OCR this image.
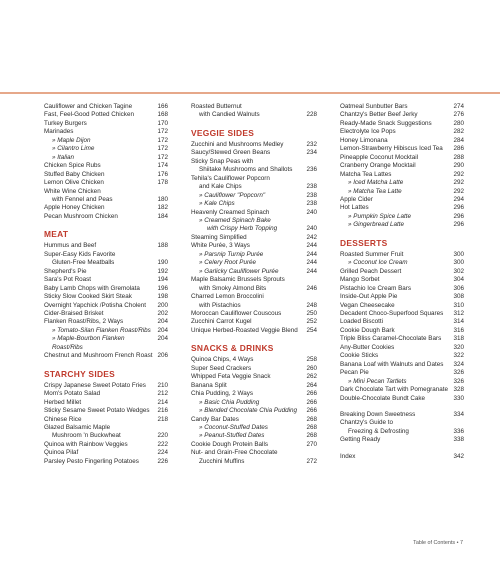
Cauliflower and Chicken Tagine	166
Fast, Feel-Good Potted Chicken	168
Turkey Burgers	170
Marinades	172
» Maple Dijon	172
» Cilantro Lime	172
» Italian	172
Chicken Spice Rubs	174
Stuffed Baby Chicken	176
Lemon Olive Chicken	178
White Wine Chicken
with Fennel and Peas	180
Apple Honey Chicken	182
Pecan Mushroom Chicken	184
MEAT
Hummus and Beef	188
Super-Easy Kids Favorite
Gluten-Free Meatballs	190
Shepherd's Pie	192
Sara's Pot Roast	194
Baby Lamb Chops with Gremolata	196
Sticky Slow Cooked Skirt Steak	198
Overnight Yapchick /Potisha Cholent	200
Cider-Braised Brisket	202
Flanken Roast/Ribs, 2 Ways	204
» Tomato-Silan Flanken Roast/Ribs	204
» Maple-Bourbon Flanken Roast/Ribs
204
Chestnut and Mushroom French Roast 206
STARCHY SIDES
Crispy Japanese Sweet Potato Fries	210
Mom's Potato Salad	212
Herbed Millet	214
Sticky Sesame Sweet Potato Wedges	216
Chinese Rice	218
Glazed Balsamic Maple
Mushroom 'n Buckwheat	220
Quinoa with Rainbow Veggies	222
Quinoa Pilaf	224
Parsley Pesto Fingerling Potatoes	226
Roasted Butternut
with Candied Walnuts	228
VEGGIE SIDES
Zucchini and Mushrooms Medley	232
Saucy/Stewed Green Beans	234
Sticky Snap Peas with
Shiitake Mushrooms and Shallots	236
Tehila's Cauliflower Popcorn
and Kale Chips	238
» Cauliflower "Popcorn"	238
» Kale Chips	238
Heavenly Creamed Spinach	240
» Creamed Spinach Bake
with Crispy Herb Topping	240
Steaming Simplified	242
White Purée, 3 Ways	244
» Parsnip Turnip Purée	244
» Celery Root Purée	244
» Garlicky Cauliflower Purée	244
Maple Balsamic Brussels Sprouts
with Smoky Almond Bits	246
Charred Lemon Broccolini
with Pistachios	248
Moroccan Cauliflower Couscous	250
Zucchini Carrot Kugel	252
Unique Herbed-Roasted Veggie Blend	254
SNACKS & DRINKS
Quinoa Chips, 4 Ways	258
Super Seed Crackers	260
Whipped Feta Veggie Snack	262
Banana Split	264
Chia Pudding, 2 Ways	266
» Basic Chia Pudding	266
» Blended Chocolate Chia Pudding	266
Candy Bar Dates	268
» Coconut-Stuffed Dates	268
» Peanut-Stuffed Dates	268
Cookie Dough Protein Balls	270
Nut- and Grain-Free Chocolate
Zucchini Muffins	272
Oatmeal Sunbutter Bars	274
Chantzy's Better Beef Jerky	276
Ready-Made Snack Suggestions	280
Electrolyte Ice Pops	282
Honey Limonana	284
Lemon-Strawberry Hibiscus Iced Tea	286
Pineapple Coconut Mocktail	288
Cranberry Orange Mocktail	290
Matcha Tea Lattes	292
» Iced Matcha Latte	292
» Matcha Tea Latte	292
Apple Cider	294
Hot Lattes	296
» Pumpkin Spice Latte	296
» Gingerbread Latte	296
DESSERTS
Roasted Summer Fruit	300
» Coconut Ice Cream	300
Grilled Peach Dessert	302
Mango Sorbet	304
Pistachio Ice Cream Bars	306
Inside-Out Apple Pie	308
Vegan Cheesecake	310
Decadent Choco-Superfood Squares	312
Loaded Biscotti	314
Cookie Dough Bark	316
Triple Bliss Caramel-Chocolate Bars	318
Any-Butter Cookies	320
Cookie Sticks	322
Banana Loaf with Walnuts and Dates	324
Pecan Pie	326
» Mini Pecan Tartlets	326
Dark Chocolate Tart with Pomegranate 328
Double-Chocolate Bundt Cake	330
Breaking Down Sweetness	334
Chantzy's Guide to
Freezing & Defrosting	336
Getting Ready	338
Index	342
Table of Contents • 7
